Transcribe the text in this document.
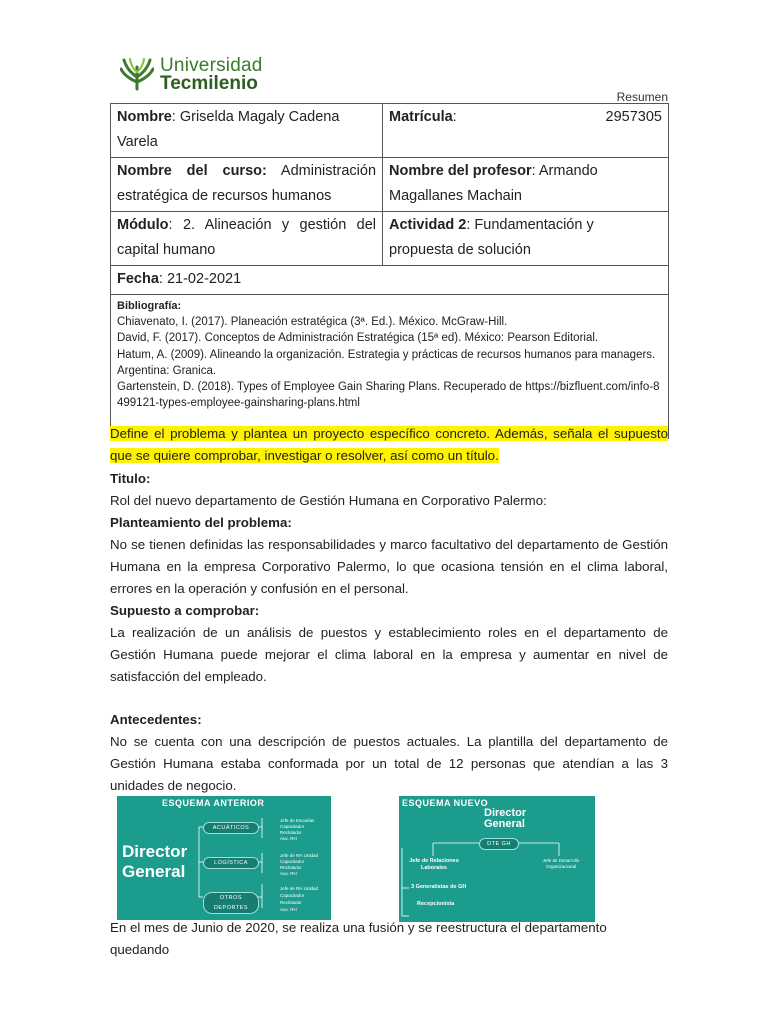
Universidad
Tecmilenio
Resumen
Nombre: Griselda Magaly Cadena Varela	Matrícula: 2957305

Nombre del curso: Administración estratégica de recursos humanos	Nombre del profesor: Armando Magallanes Machain
Módulo: 2. Alineación y gestión del capital humano	Actividad 2: Fundamentación y propuesta de solución
Fecha: 21-02-2021	

Bibliografía:
Chiavenato, I. (2017). Planeación estratégica (3ª. Ed.). México. McGraw-Hill.
David, F. (2017). Conceptos de Administración Estratégica (15ª ed). México: Pearson Editorial.
Hatum, A. (2009). Alineando la organización. Estrategia y prácticas de recursos humanos para managers. Argentina: Granica.
Gartenstein, D. (2018). Types of Employee Gain Sharing Plans. Recuperado de https://bizfluent.com/info-8499121-types-employee-gainsharing-plans.html	
Define el problema y plantea un proyecto específico concreto. Además, señala el supuesto que se quiere comprobar, investigar o resolver, así como un título.
Titulo:
Rol del nuevo departamento de Gestión Humana en Corporativo Palermo:
Planteamiento del problema:
No se tienen definidas las responsabilidades y marco facultativo del departamento de Gestión Humana en la empresa Corporativo Palermo, lo que ocasiona tensión en el clima laboral, errores en la operación y confusión en el personal.
Supuesto a comprobar:
La realización de un análisis de puestos y establecimiento roles en el departamento de Gestión Humana puede mejorar el clima laboral en la empresa y aumentar en nivel de satisfacción del empleado.
Antecedentes:
No se cuenta con una descripción de puestos actuales. La plantilla del departamento de Gestión Humana estaba conformada por un total de 12 personas que atendían a las 3 unidades de negocio.
ESQUEMA ANTERIOR
Director
General
ACUÁTICOS
Jefe de Escuelas
Capacitador
Reclutador
Aux. RH
LOGÍSTICA
Jefe de RH Unidad
Capacitador
Reclutador
Aux. RH
OTROS DEPORTES
Jefe de RH Unidad
Capacitador
Reclutador
Aux. RH
ESQUEMA NUEVO
Director
General
DTE GH
Jefe de Relaciones Laborales
Jefe de Desarrollo Organizacional
3 Generalistas de GH
Recepcionista
En el mes de Junio de 2020, se realiza una fusión y se reestructura el departamento quedando
